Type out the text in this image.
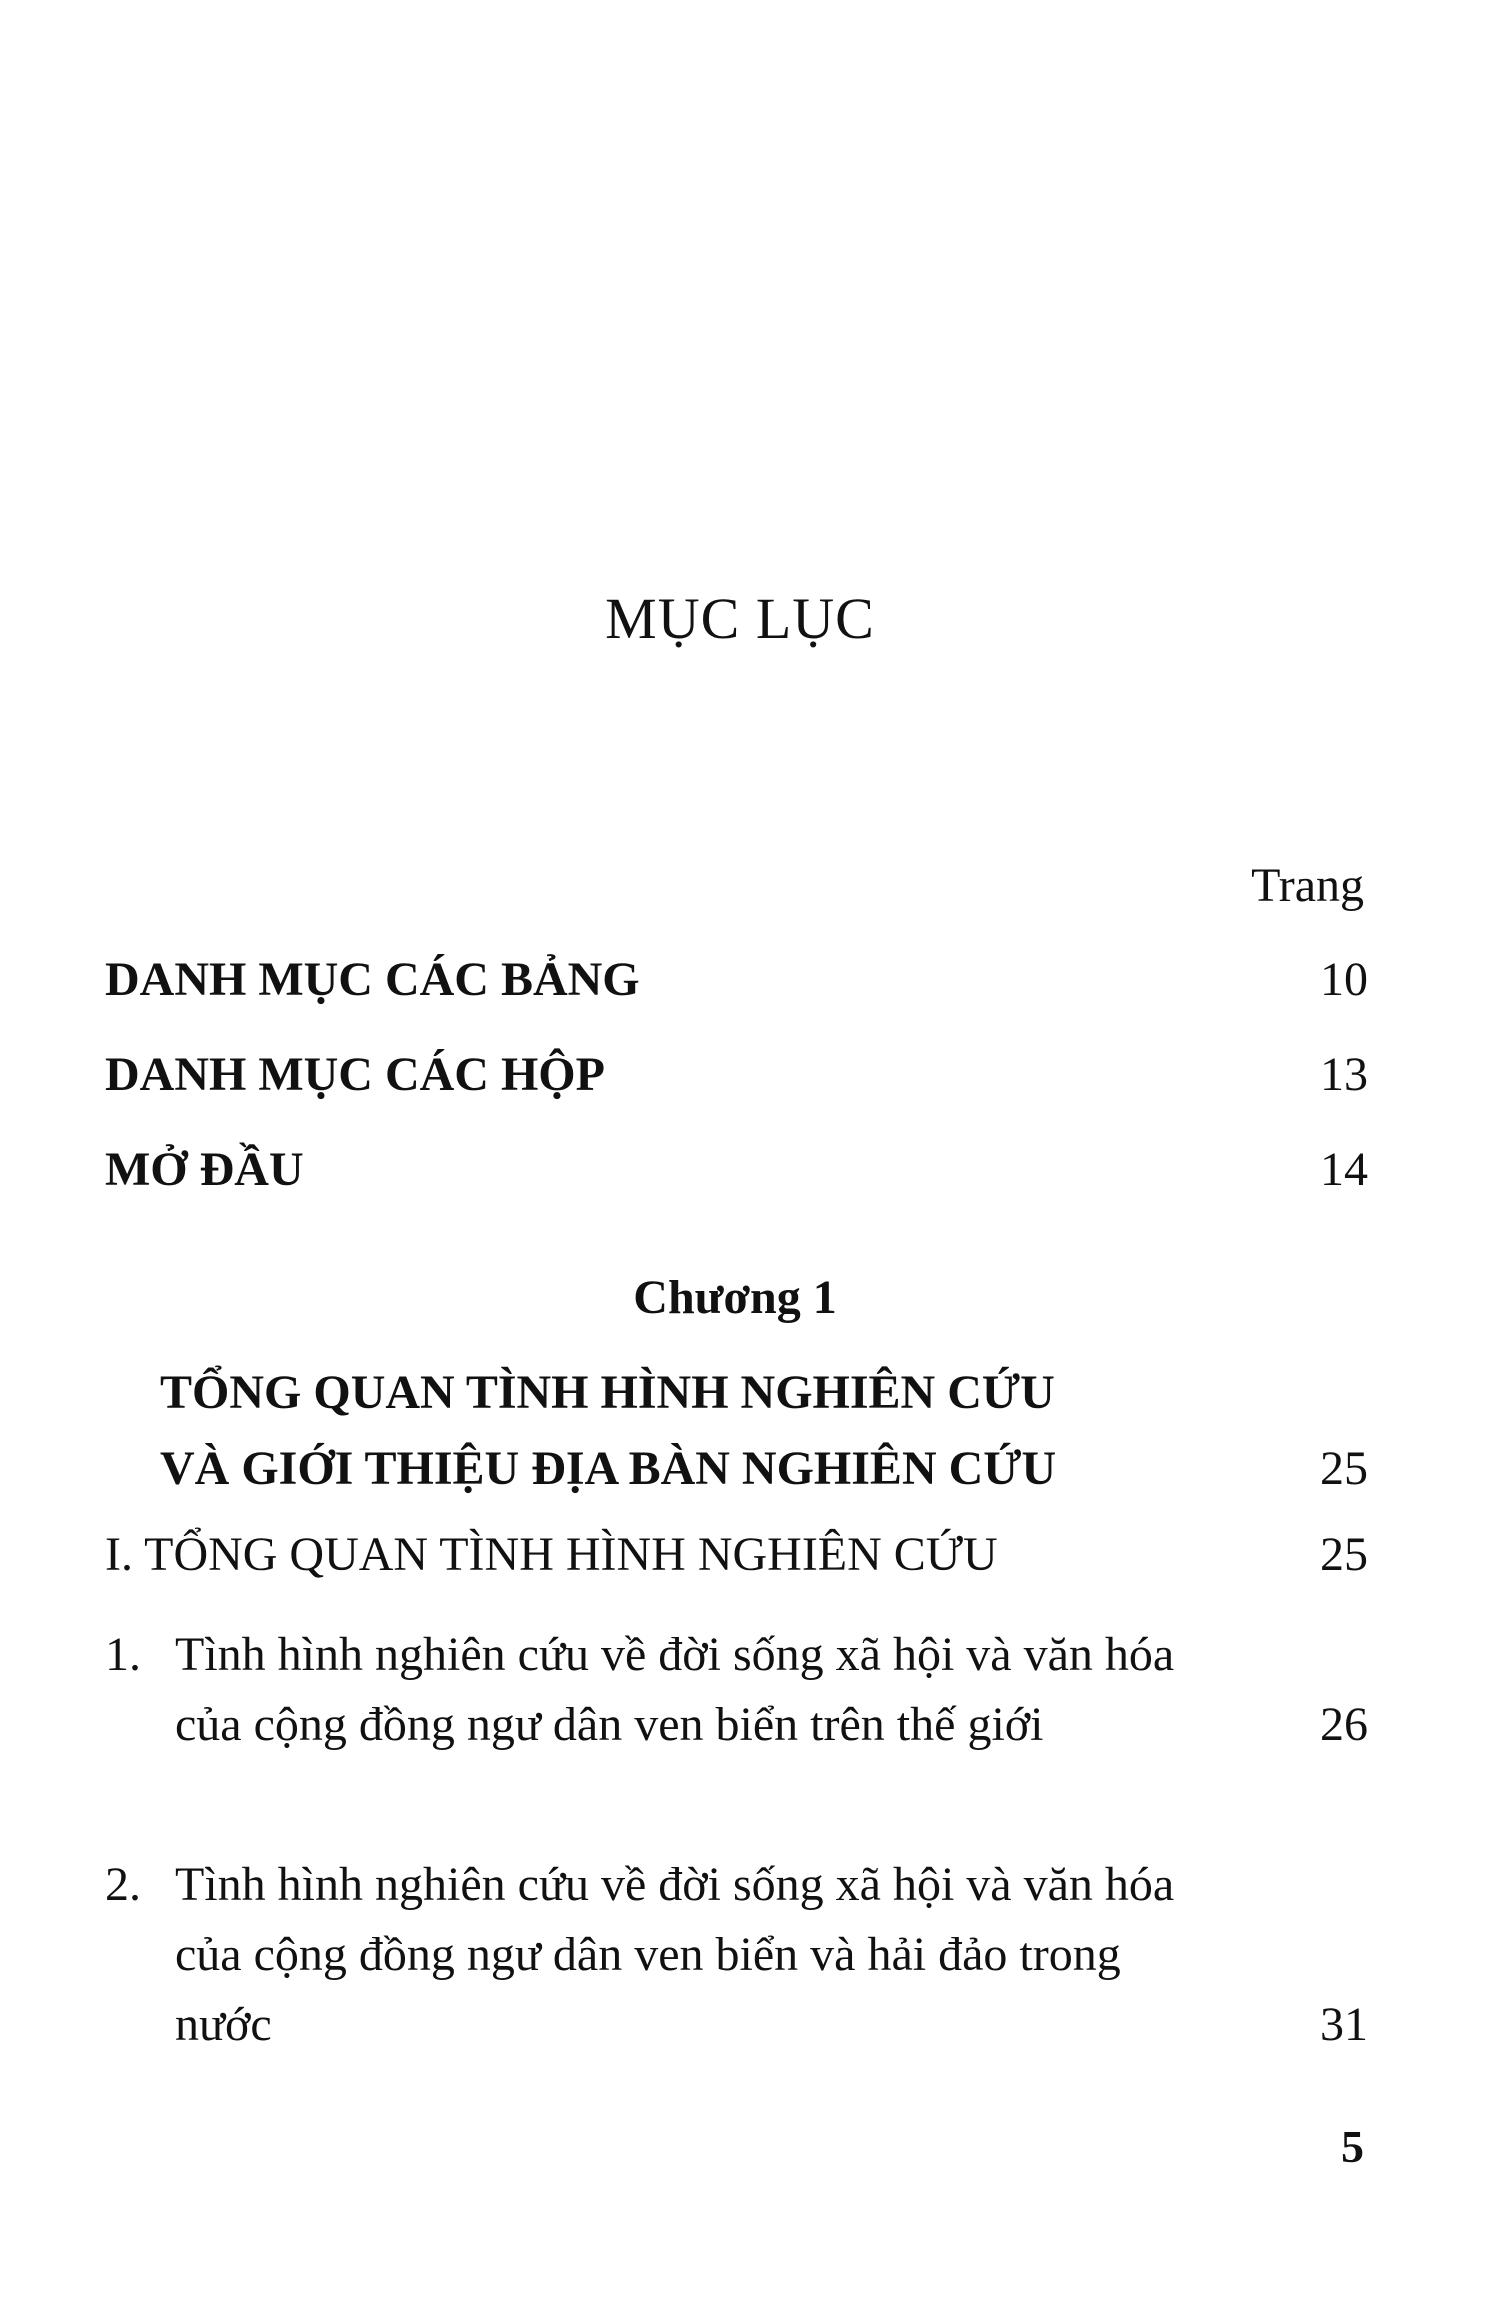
MỤC LỤC
Trang
DANH MỤC CÁC BẢNG	10
DANH MỤC CÁC HỘP	13
MỞ ĐẦU	14
Chương 1
TỔNG QUAN TÌNH HÌNH NGHIÊN CỨU
VÀ GIỚI THIỆU ĐỊA BÀN NGHIÊN CỨU	25
I. TỔNG QUAN TÌNH HÌNH NGHIÊN CỨU	25
1. Tình hình nghiên cứu về đời sống xã hội và văn hóa của cộng đồng ngư dân ven biển trên thế giới	26
2. Tình hình nghiên cứu về đời sống xã hội và văn hóa của cộng đồng ngư dân ven biển và hải đảo trong nước	31
5
